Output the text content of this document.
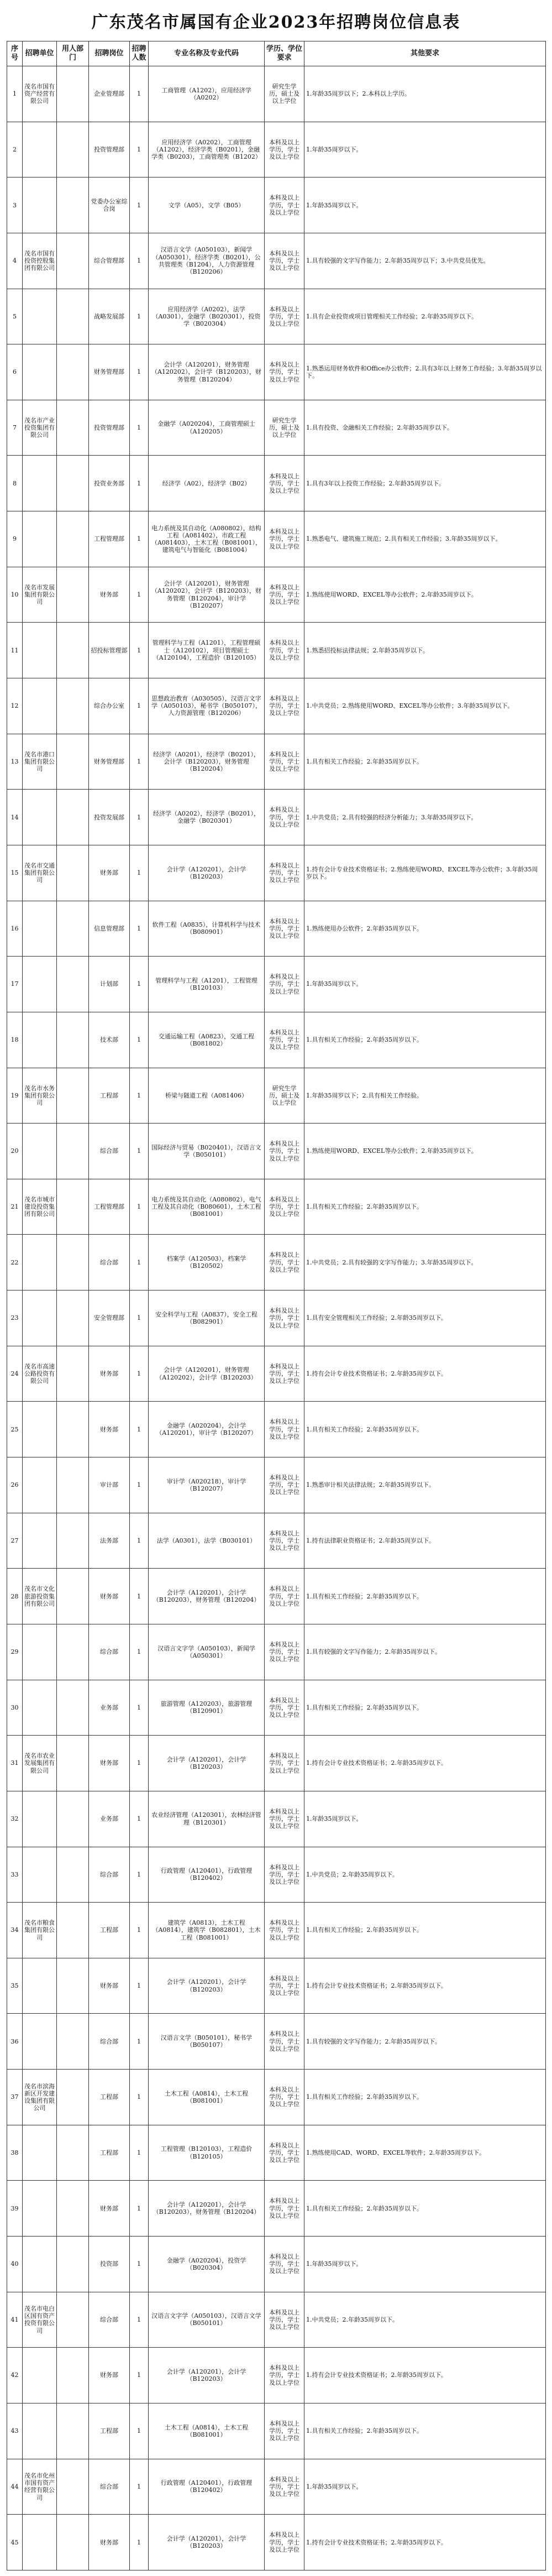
广东茂名市属国有企业2023年招聘岗位信息表
序号	招聘单位	用人部门	招聘岗位	招聘人数	专业名称及专业代码	学历、学位要求	其他要求
1	茂名市国有资产经营有限公司		企业管理部	1	工商管理（A1202），应用经济学（A0202）	研究生学历，硕士及以上学位	1.年龄35周岁以下；2.本科以上学历。
2			投资管理部	1	应用经济学（A0202），工商管理（A1202），经济学类（B0201），金融学类（B0203），工商管理类（B1202）	本科及以上学历，学士及以上学位	1.年龄35周岁以下。
3			党委办公室综合岗	1	文学（A05），文学（B05）	本科及以上学历，学士及以上学位	1.年龄35周岁以下。
4	茂名市国有投资控股集团有限公司		综合管理部	1	汉语言文学（A050103），新闻学（A050301），经济学类（B0201），公共管理类（B1204），人力资源管理（B120206）	本科及以上学历，学士及以上学位	1.具有较强的文字写作能力；2.年龄35周岁以下；3.中共党员优先。
5			战略发展部	1	应用经济学（A0202），法学（A0301），金融学（B020301），投资学（B020304）	本科及以上学历，学士及以上学位	1.具有企业投资或项目管理相关工作经验；2.年龄35周岁以下。
6			财务管理部	1	会计学（A120201），财务管理（A120202），会计学（B120203），财务管理（B120204）	本科及以上学历，学士及以上学位	1.熟悉运用财务软件和Office办公软件；2.具有3年以上财务工作经验；3.年龄35周岁以下。
7	茂名市产业投资集团有限公司		投资管理部	1	金融学（A020204），工商管理硕士（A120205）	研究生学历，硕士及以上学位	1.具有投资、金融相关工作经验；2.年龄35周岁以下。
8			投资业务部	1	经济学（A02），经济学（B02）	本科及以上学历，学士及以上学位	1.具有3年以上投资工作经验；2.年龄35周岁以下。
9			工程管理部	1	电力系统及其自动化（A080802），结构工程（A081402），市政工程（A081403），土木工程（B081001），建筑电气与智能化（B081004）	本科及以上学历，学士及以上学位	1.熟悉电气、建筑施工规范；2.具有相关工作经验；3.年龄35周岁以下。
10	茂名市发展集团有限公司		财务部	1	会计学（A120201），财务管理（A120202），会计学（B120203），财务管理（B120204），审计学（B120207）	本科及以上学历，学士及以上学位	1.熟练使用WORD、EXCEL等办公软件；2.年龄35周岁以下。
11			招投标管理部	1	管理科学与工程（A1201），工程管理硕士（A120102），项目管理硕士（A120104），工程造价（B120105）	本科及以上学历，学士及以上学位	1.熟悉招投标法律法规；2.年龄35周岁以下。
12			综合办公室	1	思想政治教育（A030505），汉语言文字学（A050103），秘书学（B050107），人力资源管理（B120206）	本科及以上学历，学士及以上学位	1.中共党员；2.熟练使用WORD、EXCEL等办公软件；3.年龄35周岁以下。
13	茂名市港口集团有限公司		财务管理部	1	经济学（A0201），经济学（B0201），会计学（B120203），财务管理（B120204）	本科及以上学历，学士及以上学位	1.具有相关工作经验；2.年龄35周岁以下。
14			投资发展部	1	经济学（A0202），经济学（B0201），金融学（B020301）	本科及以上学历，学士及以上学位	1.中共党员；2.具有较强的经济分析能力；3.年龄35周岁以下。
15	茂名市交通集团有限公司		财务部	1	会计学（A120201），会计学（B120203）	本科及以上学历，学士及以上学位	1.持有会计专业技术资格证书；2.熟练使用WORD、EXCEL等办公软件；3.年龄35周岁以下。
16			信息管理部	1	软件工程（A0835），计算机科学与技术（B080901）	本科及以上学历，学士及以上学位	1.熟练使用办公软件；2.年龄35周岁以下。
17			计划部	1	管理科学与工程（A1201），工程管理（B120103）	本科及以上学历，学士及以上学位	1.年龄35周岁以下。
18			技术部	1	交通运输工程（A0823），交通工程（B081802）	本科及以上学历，学士及以上学位	1.具有相关工作经验；2.年龄35周岁以下。
19	茂名市水务集团有限公司		工程部	1	桥梁与隧道工程（A081406）	研究生学历，硕士及以上学位	1.年龄35周岁以下；2.具有相关工作经验。
20			综合部	1	国际经济与贸易（B020401），汉语言文学（B050101）	本科及以上学历，学士及以上学位	1.熟练使用WORD、EXCEL等办公软件；2.年龄35周岁以下。
21	茂名市城市建设投资集团有限公司		工程管理部	1	电力系统及其自动化（A080802），电气工程及其自动化（B080601），土木工程（B081001）	本科及以上学历，学士及以上学位	1.具有相关工作经验；2.年龄35周岁以下。
22			综合部	1	档案学（A120503），档案学（B120502）	本科及以上学历，学士及以上学位	1.中共党员；2.具有较强的文字写作能力；3.年龄35周岁以下。
23			安全管理部	1	安全科学与工程（A0837），安全工程（B082901）	本科及以上学历，学士及以上学位	1.具有安全管理相关工作经验；2.年龄35周岁以下。
24	茂名市高速公路投资有限公司		财务部	1	会计学（A120201），财务管理（A120202），会计学（B120203）	本科及以上学历，学士及以上学位	1.持有会计专业技术资格证书；2.年龄35周岁以下。
25			财务部	1	金融学（A020204），会计学（A120201），审计学（B120207）	本科及以上学历，学士及以上学位	1.具有相关工作经验；2.年龄35周岁以下。
26			审计部	1	审计学（A020218），审计学（B120207）	本科及以上学历，学士及以上学位	1.熟悉审计相关法律法规；2.年龄35周岁以下。
27			法务部	1	法学（A0301），法学（B030101）	本科及以上学历，学士及以上学位	1.持有法律职业资格证书；2.年龄35周岁以下。
28	茂名市文化旅游投资集团有限公司		财务部	1	会计学（A120201），会计学（B120203），财务管理（B120204）	本科及以上学历，学士及以上学位	1.具有相关工作经验；2.年龄35周岁以下。
29			综合部	1	汉语言文字学（A050103），新闻学（A050301）	本科及以上学历，学士及以上学位	1.具有较强的文字写作能力；2.年龄35周岁以下。
30			业务部	1	旅游管理（A120203），旅游管理（B120901）	本科及以上学历，学士及以上学位	1.具有相关工作经验；2.年龄35周岁以下。
31	茂名市农业发展集团有限公司		财务部	1	会计学（A120201），会计学（B120203）	本科及以上学历，学士及以上学位	1.持有会计专业技术资格证书；2.年龄35周岁以下。
32			业务部	1	农业经济管理（A120301），农林经济管理（B120301）	本科及以上学历，学士及以上学位	1.年龄35周岁以下。
33			综合部	1	行政管理（A120401），行政管理（B120402）	本科及以上学历，学士及以上学位	1.中共党员；2.年龄35周岁以下。
34	茂名市粮食集团有限公司		工程部	1	建筑学（A0813），土木工程（A0814），建筑学（B082801），土木工程（B081001）	本科及以上学历，学士及以上学位	1.具有相关工作经验；2.年龄35周岁以下。
35			财务部	1	会计学（A120201），会计学（B120203）	本科及以上学历，学士及以上学位	1.持有会计专业技术资格证书；2.年龄35周岁以下。
36			综合部	1	汉语言文学（B050101），秘书学（B050107）	本科及以上学历，学士及以上学位	1.具有较强的文字写作能力；2.年龄35周岁以下。
37	茂名市滨海新区开发建设集团有限公司		工程部	1	土木工程（A0814），土木工程（B081001）	本科及以上学历，学士及以上学位	1.具有相关工作经验；2.年龄35周岁以下。
38			工程部	1	工程管理（B120103），工程造价（B120105）	本科及以上学历，学士及以上学位	1.熟练使用CAD、WORD、EXCEL等软件；2.年龄35周岁以下。
39			财务部	1	会计学（A120201），会计学（B120203），财务管理（B120204）	本科及以上学历，学士及以上学位	1.具有相关工作经验；2.年龄35周岁以下。
40			投资部	1	金融学（A020204），投资学（B020304）	本科及以上学历，学士及以上学位	1.年龄35周岁以下。
41	茂名市电白区国有资产投资有限公司		综合部	1	汉语言文字学（A050103），汉语言文学（B050101）	本科及以上学历，学士及以上学位	1.中共党员；2.年龄35周岁以下。
42			财务部	1	会计学（A120201），会计学（B120203）	本科及以上学历，学士及以上学位	1.持有会计专业技术资格证书；2.年龄35周岁以下。
43			工程部	1	土木工程（A0814），土木工程（B081001）	本科及以上学历，学士及以上学位	1.具有相关工作经验；2.年龄35周岁以下。
44	茂名市化州市国有资产经营有限公司		综合部	1	行政管理（A120401），行政管理（B120402）	本科及以上学历，学士及以上学位	1.年龄35周岁以下。
45			财务部	1	会计学（A120201），会计学（B120203）	本科及以上学历，学士及以上学位	1.持有会计专业技术资格证书；2.年龄35周岁以下。
